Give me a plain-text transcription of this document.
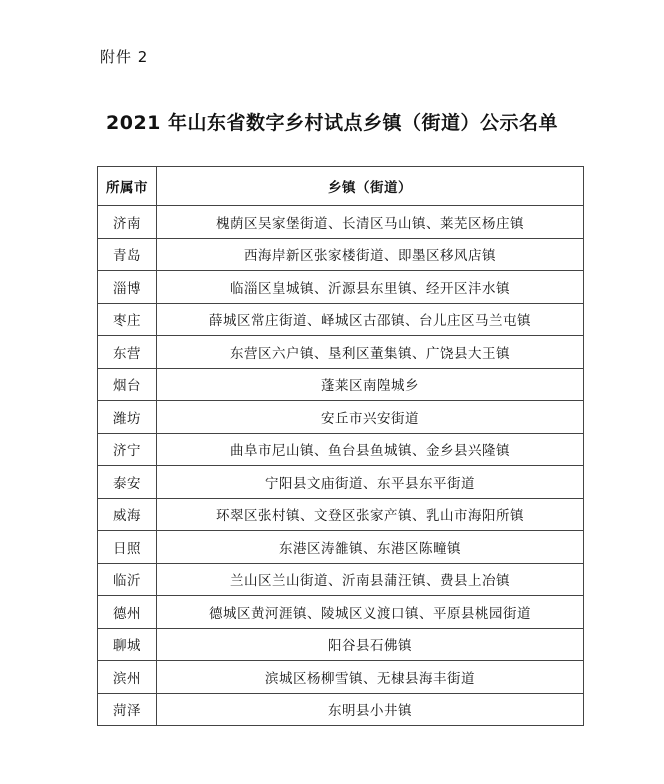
附件 2
2021 年山东省数字乡村试点乡镇（街道）公示名单
所属市	乡镇（街道）
济南	槐荫区吴家堡街道、长清区马山镇、莱芜区杨庄镇
青岛	西海岸新区张家楼街道、即墨区移风店镇
淄博	临淄区皇城镇、沂源县东里镇、经开区沣水镇
枣庄	薛城区常庄街道、峄城区古邵镇、台儿庄区马兰屯镇
东营	东营区六户镇、垦利区董集镇、广饶县大王镇
烟台	蓬莱区南隍城乡
潍坊	安丘市兴安街道
济宁	曲阜市尼山镇、鱼台县鱼城镇、金乡县兴隆镇
泰安	宁阳县文庙街道、东平县东平街道
威海	环翠区张村镇、文登区张家产镇、乳山市海阳所镇
日照	东港区涛雒镇、东港区陈疃镇
临沂	兰山区兰山街道、沂南县蒲汪镇、费县上冶镇
德州	德城区黄河涯镇、陵城区义渡口镇、平原县桃园街道
聊城	阳谷县石佛镇
滨州	滨城区杨柳雪镇、无棣县海丰街道
菏泽	东明县小井镇
